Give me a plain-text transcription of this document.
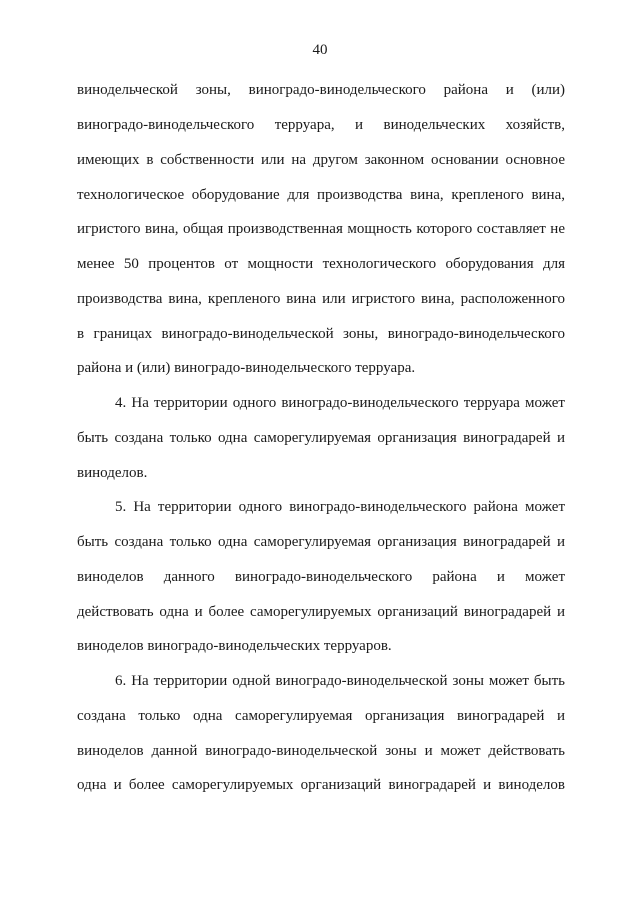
40
винодельческой зоны, виноградо-винодельческого района и (или)
виноградо-винодельческого терруара, и винодельческих хозяйств,
имеющих в собственности или на другом законном основании основное
технологическое оборудование для производства вина, крепленого вина,
игристого вина, общая производственная мощность которого составляет не
менее 50 процентов от мощности технологического оборудования для
производства вина, крепленого вина или игристого вина, расположенного
в границах виноградо-винодельческой зоны, виноградо-винодельческого
района и (или) виноградо-винодельческого терруара.
4. На территории одного виноградо-винодельческого терруара может
быть создана только одна саморегулируемая организация виноградарей и
виноделов.
5. На территории одного виноградо-винодельческого района может
быть создана только одна саморегулируемая организация виноградарей и
виноделов данного виноградо-винодельческого района и может
действовать одна и более саморегулируемых организаций виноградарей и
виноделов виноградо-винодельческих терруаров.
6. На территории одной виноградо-винодельческой зоны может быть
создана только одна саморегулируемая организация виноградарей и
виноделов данной виноградо-винодельческой зоны и может действовать
одна и более саморегулируемых организаций виноградарей и виноделов
